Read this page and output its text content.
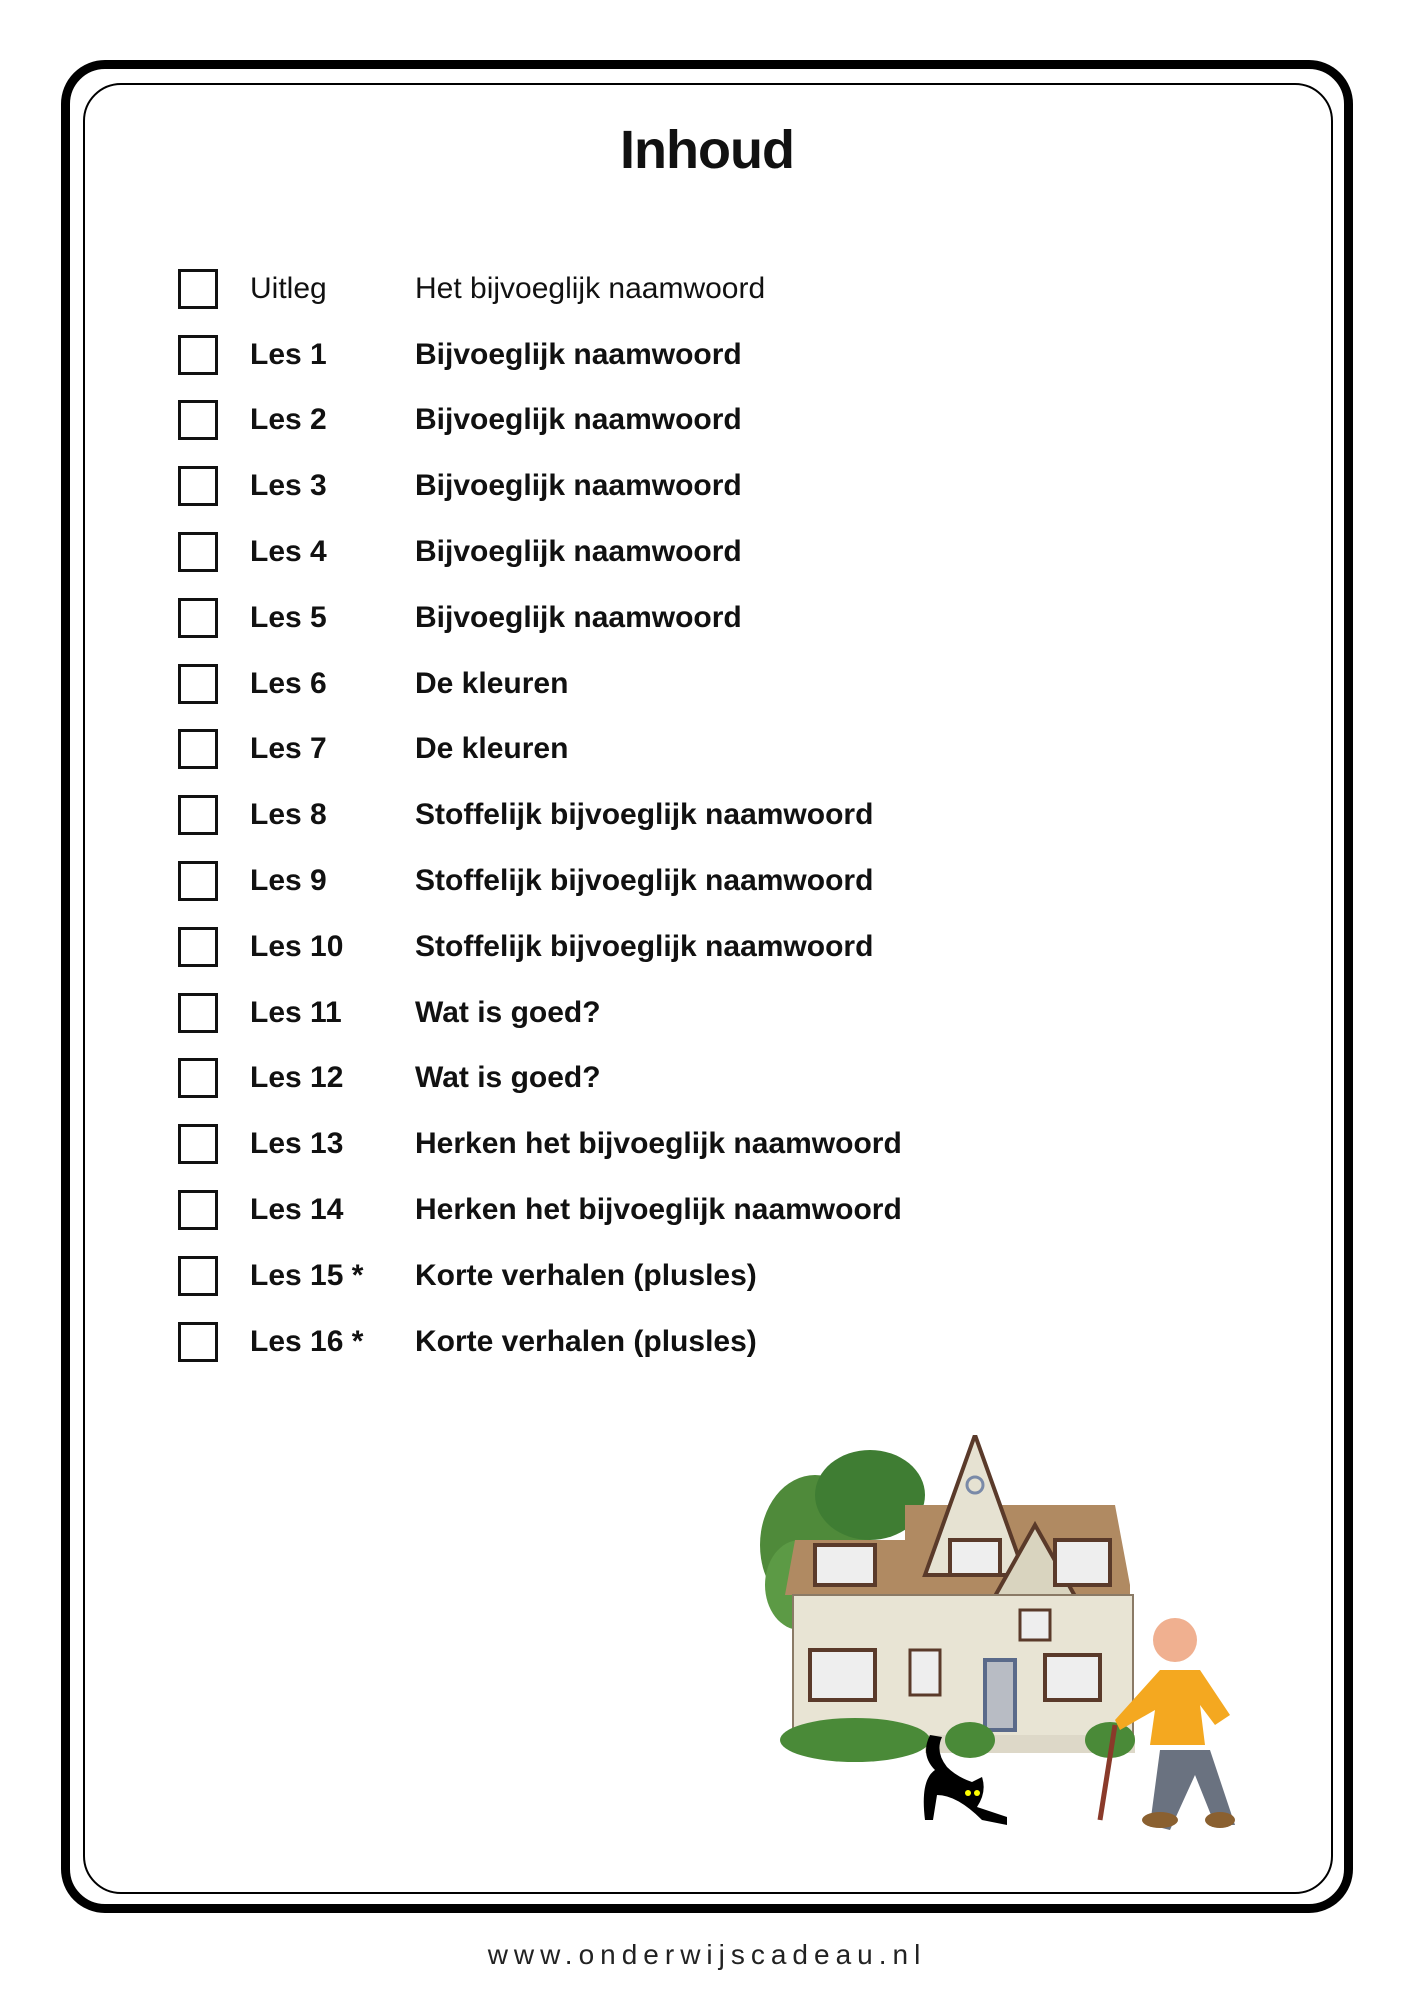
Inhoud
Uitleg	Het bijvoeglijk naamwoord
Les 1	Bijvoeglijk naamwoord
Les 2	Bijvoeglijk naamwoord
Les 3	Bijvoeglijk naamwoord
Les 4	Bijvoeglijk naamwoord
Les 5	Bijvoeglijk naamwoord
Les 6	De kleuren
Les 7	De kleuren
Les 8	Stoffelijk bijvoeglijk naamwoord
Les 9	Stoffelijk bijvoeglijk naamwoord
Les 10	Stoffelijk bijvoeglijk naamwoord
Les 11	Wat is goed?
Les 12	Wat is goed?
Les 13	Herken het bijvoeglijk naamwoord
Les 14	Herken het bijvoeglijk naamwoord
Les 15 *	Korte verhalen (plusles)
Les 16 *	Korte verhalen (plusles)
www.onderwijscadeau.nl
